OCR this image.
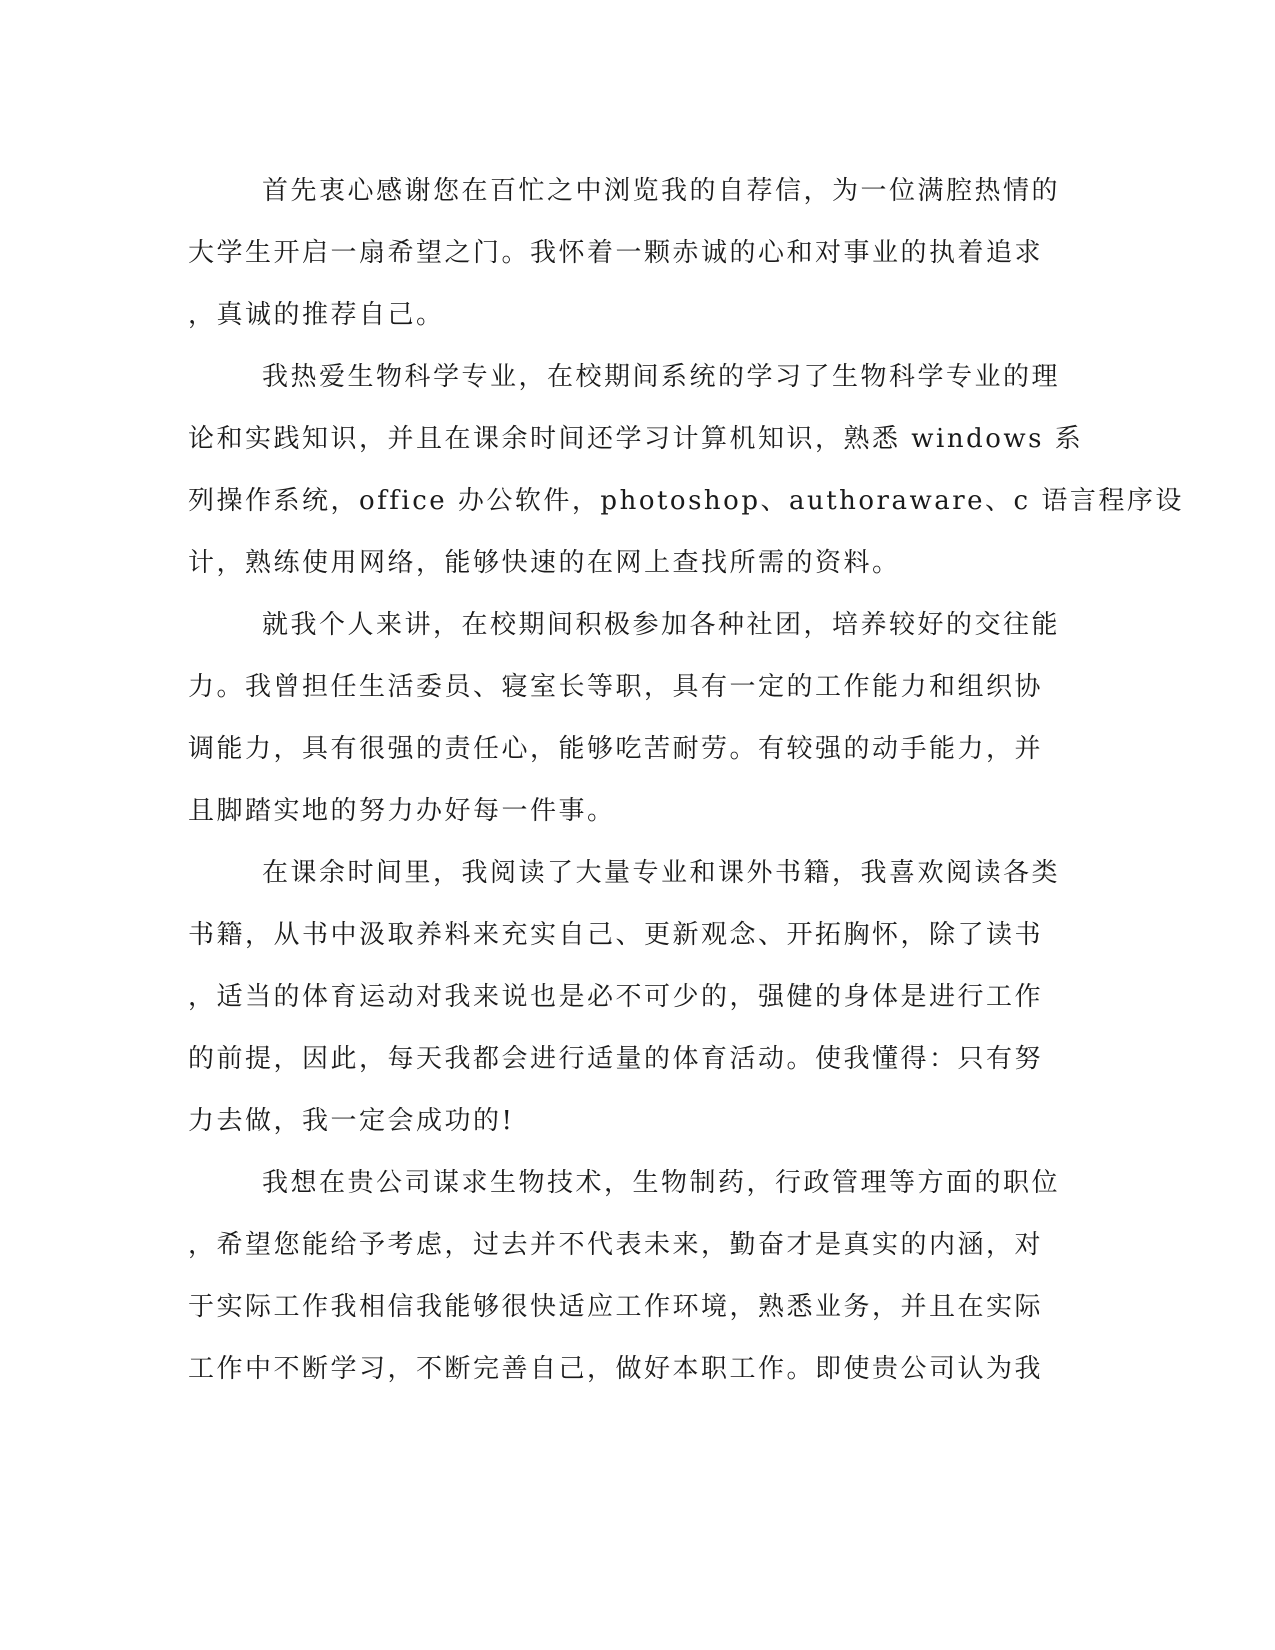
首先衷心感谢您在百忙之中浏览我的自荐信，为一位满腔热情的
大学生开启一扇希望之门。我怀着一颗赤诚的心和对事业的执着追求
，真诚的推荐自己。
我热爱生物科学专业，在校期间系统的学习了生物科学专业的理
论和实践知识，并且在课余时间还学习计算机知识，熟悉 windows 系
列操作系统，office 办公软件，photoshop、authoraware、c 语言程序设
计，熟练使用网络，能够快速的在网上查找所需的资料。
就我个人来讲，在校期间积极参加各种社团，培养较好的交往能
力。我曾担任生活委员、寝室长等职，具有一定的工作能力和组织协
调能力，具有很强的责任心，能够吃苦耐劳。有较强的动手能力，并
且脚踏实地的努力办好每一件事。
在课余时间里，我阅读了大量专业和课外书籍，我喜欢阅读各类
书籍，从书中汲取养料来充实自己、更新观念、开拓胸怀，除了读书
，适当的体育运动对我来说也是必不可少的，强健的身体是进行工作
的前提，因此，每天我都会进行适量的体育活动。使我懂得：只有努
力去做，我一定会成功的!
我想在贵公司谋求生物技术，生物制药，行政管理等方面的职位
，希望您能给予考虑，过去并不代表未来，勤奋才是真实的内涵，对
于实际工作我相信我能够很快适应工作环境，熟悉业务，并且在实际
工作中不断学习，不断完善自己，做好本职工作。即使贵公司认为我
